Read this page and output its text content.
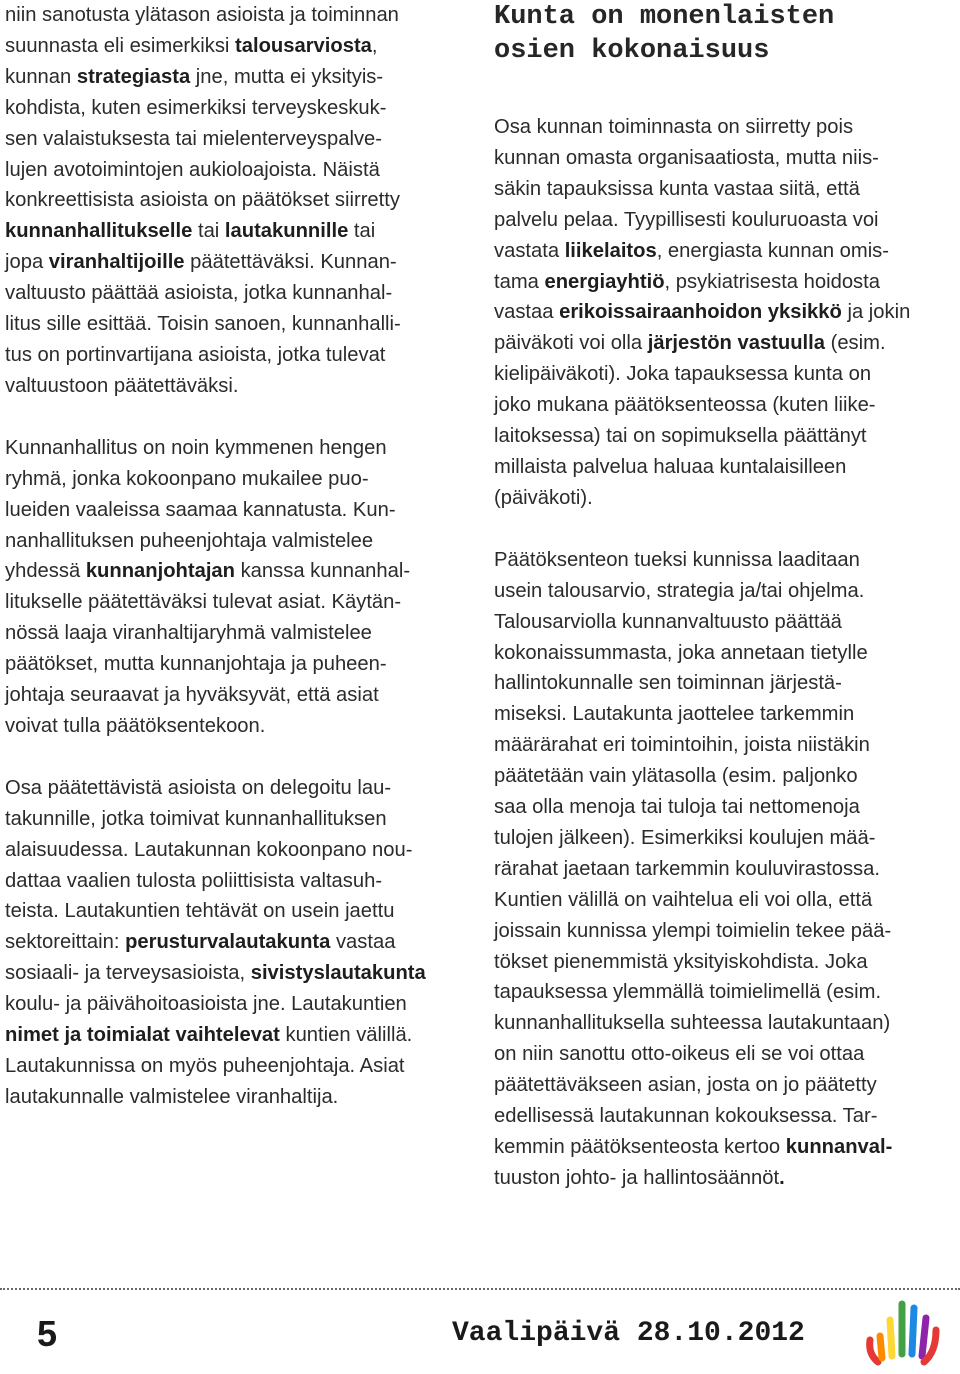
niin sanotusta ylätason asioista ja toiminnan
suunnasta eli esimerkiksi talousarviosta,
kunnan strategiasta jne, mutta ei yksityis-
kohdista, kuten esimerkiksi terveyskeskuk-
sen valaistuksesta tai mielenterveyspalve-
lujen avotoimintojen aukioloajoista. Näistä
konkreettisista asioista on päätökset siirretty
kunnanhallitukselle tai lautakunnille tai
jopa viranhaltijoille päätettäväksi. Kunnan-
valtuusto päättää asioista, jotka kunnanhal-
litus sille esittää. Toisin sanoen, kunnanhalli-
tus on portinvartijana asioista, jotka tulevat
valtuustoon päätettäväksi.

Kunnanhallitus on noin kymmenen hengen
ryhmä, jonka kokoonpano mukailee puo-
lueiden vaaleissa saamaa kannatusta. Kun-
nanhallituksen puheenjohtaja valmistelee
yhdessä kunnanjohtajan kanssa kunnanhal-
litukselle päätettäväksi tulevat asiat. Käytän-
nössä laaja viranhaltijaryhmä valmistelee
päätökset, mutta kunnanjohtaja ja puheen-
johtaja seuraavat ja hyväksyvät, että asiat
voivat tulla päätöksentekoon.

Osa päätettävistä asioista on delegoitu lau-
takunnille, jotka toimivat kunnanhallituksen
alaisuudessa. Lautakunnan kokoonpano nou-
dattaa vaalien tulosta poliittisista valtasuh-
teista. Lautakuntien tehtävät on usein jaettu
sektoreittain: perusturvalautakunta vastaa
sosiaali- ja terveysasioista, sivistyslautakunta
koulu- ja päivähoitoasioista jne. Lautakuntien
nimet ja toimialat vaihtelevat kuntien välillä.
Lautakunnissa on myös puheenjohtaja. Asiat
lautakunnalle valmistelee viranhaltija.

Kunta on monenlaisten
osien kokonaisuus

Osa kunnan toiminnasta on siirretty pois
kunnan omasta organisaatiosta, mutta niis-
säkin tapauksissa kunta vastaa siitä, että
palvelu pelaa. Tyypillisesti kouluruoasta voi
vastata liikelaitos, energiasta kunnan omis-
tama energiayhtiö, psykiatrisesta hoidosta
vastaa erikoissairaanhoidon yksikkö ja jokin
päiväkoti voi olla järjestön vastuulla (esim.
kielipäiväkoti). Joka tapauksessa kunta on
joko mukana päätöksenteossa (kuten liike-
laitoksessa) tai on sopimuksella päättänyt
millaista palvelua haluaa kuntalaisilleen
(päiväkoti).

Päätöksenteon tueksi kunnissa laaditaan
usein talousarvio, strategia ja/tai ohjelma.
Talousarviolla kunnanvaltuusto päättää
kokonaissummasta, joka annetaan tietylle
hallintokunnalle sen toiminnan järjestä-
miseksi. Lautakunta jaottelee tarkemmin
määrärahat eri toimintoihin, joista niistäkin
päätetään vain ylätasolla (esim. paljonko
saa olla menoja tai tuloja tai nettomenoja
tulojen jälkeen). Esimerkiksi koulujen mää-
rärahat jaetaan tarkemmin kouluvirastossa.
Kuntien välillä on vaihtelua eli voi olla, että
joissain kunnissa ylempi toimielin tekee pää-
tökset pienemmistä yksityiskohdista. Joka
tapauksessa ylemmällä toimielimellä (esim.
kunnanhallituksella suhteessa lautakuntaan)
on niin sanottu otto-oikeus eli se voi ottaa
päätettäväkseen asian, josta on jo päätetty
edellisessä lautakunnan kokouksessa. Tar-
kemmin päätöksenteosta kertoo kunnanval-
tuuston johto- ja hallintosäännöt.

5	Vaalipäivä 28.10.2012
